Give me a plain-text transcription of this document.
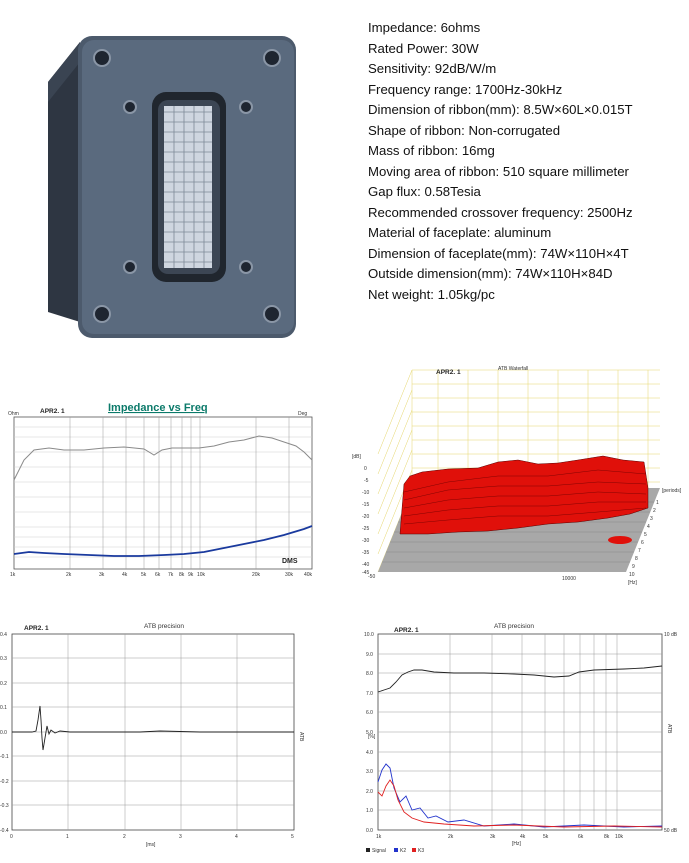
Impedance: 6ohms
Rated Power: 30W
Sensitivity: 92dB/W/m
Frequency range: 1700Hz-30kHz
Dimension of ribbon(mm): 8.5W×60L×0.015T
Shape of ribbon: Non-corrugated
Mass of ribbon: 16mg
Moving area of ribbon: 510 square millimeter
Gap flux: 0.58Tesia
Recommended crossover frequency: 2500Hz
Material of faceplate: aluminum
Dimension of faceplate(mm): 74W×110H×4T
Outside dimension(mm): 74W×110H×84D
Net weight: 1.05kg/pc
Impedance vs Freq
APR2. 1
Ohm	Deg
1k	2k	3k	4k	5k 6k 7k 8k 9k 10k	20k	30k 40k
DMS
APR2. 1	ATB Waterfall
[dB]
0
-5
-10
-15
-20
-25
-30
-35
-40
-45
-50
[periods]
1
2
3
4
5
6
7
8
9
10
10000
[Hz]
APR2. 1	ATB precision
0.4
0.3
0.2
0.1
0.0
-0.1
-0.2
-0.3
-0.4
0	1	2	3	4	5
[ms]
ATB
APR2. 1
ATB precision
10.0
9.0
8.0
7.0
6.0
5.0
4.0
3.0
2.0
1.0
0.0
[%]
10 dB
50 dB
ATB
1k	2k	3k	4k	5k	6k	8k 10k
[Hz]
Signal	K2 K3
